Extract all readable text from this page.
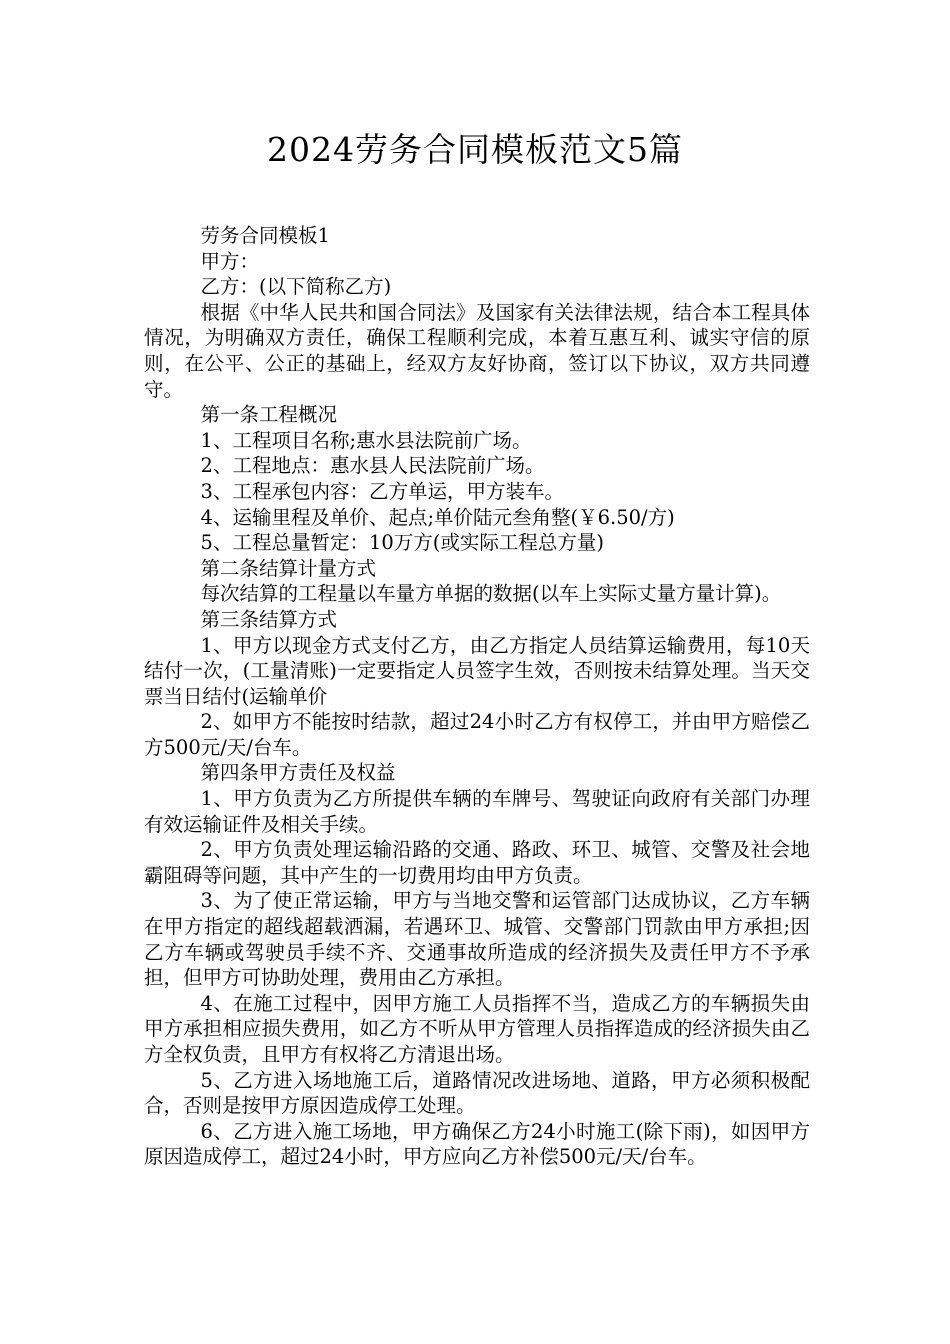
2024劳务合同模板范文5篇

劳务合同模板1

甲方：

乙方：(以下简称乙方)

根据《中华人民共和国合同法》及国家有关法律法规，结合本工程具体情况，为明确双方责任，确保工程顺利完成，本着互惠互利、诚实守信的原则，在公平、公正的基础上，经双方友好协商，签订以下协议，双方共同遵守。

第一条工程概况

1、工程项目名称;惠水县法院前广场。

2、工程地点：惠水县人民法院前广场。

3、工程承包内容：乙方单运，甲方装车。

4、运输里程及单价、起点;单价陆元叁角整(￥6.50/方)

5、工程总量暂定：10万方(或实际工程总方量)

第二条结算计量方式

每次结算的工程量以车量方单据的数据(以车上实际丈量方量计算)。

第三条结算方式

1、甲方以现金方式支付乙方，由乙方指定人员结算运输费用，每10天结付一次，(工量清账)一定要指定人员签字生效，否则按未结算处理。当天交票当日结付(运输单价

2、如甲方不能按时结款，超过24小时乙方有权停工，并由甲方赔偿乙方500元/天/台车。

第四条甲方责任及权益

1、甲方负责为乙方所提供车辆的车牌号、驾驶证向政府有关部门办理有效运输证件及相关手续。

2、甲方负责处理运输沿路的交通、路政、环卫、城管、交警及社会地霸阻碍等问题，其中产生的一切费用均由甲方负责。

3、为了使正常运输，甲方与当地交警和运管部门达成协议，乙方车辆在甲方指定的超线超载洒漏，若遇环卫、城管、交警部门罚款由甲方承担;因乙方车辆或驾驶员手续不齐、交通事故所造成的经济损失及责任甲方不予承担，但甲方可协助处理，费用由乙方承担。

4、在施工过程中，因甲方施工人员指挥不当，造成乙方的车辆损失由甲方承担相应损失费用，如乙方不听从甲方管理人员指挥造成的经济损失由乙方全权负责，且甲方有权将乙方清退出场。

5、乙方进入场地施工后，道路情况改进场地、道路，甲方必须积极配合，否则是按甲方原因造成停工处理。

6、乙方进入施工场地，甲方确保乙方24小时施工(除下雨)，如因甲方原因造成停工，超过24小时，甲方应向乙方补偿500元/天/台车。
